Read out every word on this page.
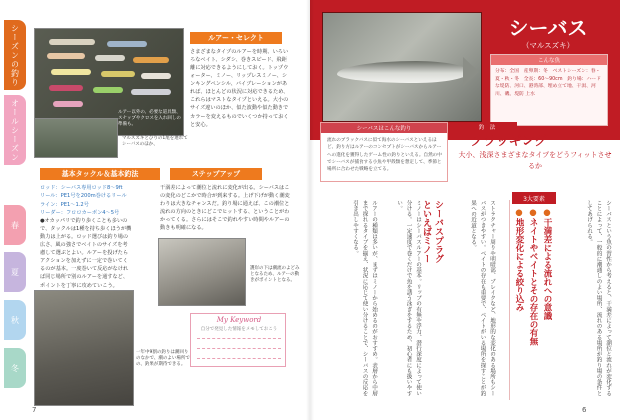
シーズンの釣り
オールシーズン
春
夏
秋
冬
ルアー以外の、必要な道具類、スナップやクロスを入れ回しの準備も。
マルスズキとひりの1尾を連れてシーバスのほか、
ルアー・セレクト
さまざまなタイプのルアーを時期、いろいろなベイト、シダシ、巻きスピード、飛距離に対応できるようにしておく。トップウォーター、ミノー、リップレスミノー、シンキングペンシル、バイブレーションがあれば、ほとんどの状況に対応できるため、これらはマストなタイプといえる。大小のサイズ違いのほか、似た波動や似た動きでカラーを変えるものでいくつか持っておくと安心。
基本タックル＆基本釣法
ロッド：シーバス専用ロッド8～9ft
リール：PE1号を200m巻けるリール
ライン：PE1～1.2号
リーダー：フロロカーボン4～5号
●オカッパリで釣り歩くことも多いので、タックルは1種を持ち歩くほうが機動力は上がる。ロッド選びは釣り場の広さ、風の強さでベイトのサイズを考慮して選ぶとよい。ルアーを投げたらアクションを加えずに一定で巻いてくるのが基本。一度巻いて反応がなければ同じ場所で別のルアーを通すなど、ポイントを丁寧に攻めていこう。
ステップアップ
干満差によって潮位と流れに変化が出る。シーバスはこの変化のどこかで時合が到来する。上げ下げが動く潮変わりは大きなチャンスだ。釣り場に通えば、この潮位と流れの方向のときにどこでヒットする、ということがわかってくる。さらにはそこで釣れやすい時間やルアーの動きも明確になる。
護岸の下は潮流のよどみとなるため、ルアーの動きがポイントとなる。
一年中9割の釣りは潮回りのなかで、潮のよい場所での、釣果が期待できる。
My Keyword
自分で発見した情報をメモしておこう
7
シーバス
（マルスズキ）
こんな魚
分布：全国　産卵期：冬　ベストシーズン：春・夏・秋・冬　全長：60～90cm　釣り場：ハードな堤防、河口、港湾部、埋め立て地、干潟、河川、磯、堤防 上水
シーバスはこんな釣り
流れのブラックバスに似て海水のシーバスといえるほど、釣り方はルアーのコンセプトがシーバスからルアーへの進化を獲得したゲーム性の釣りといえる。自然の中でシーバスが捕食する小魚や甲殻類を想定して、季節と場所に合わせた戦略を立てる。
釣　法
プラッギング
大小、浅深さまざまなタイプをどうフィットさせるか
シーバスという魚の習性から考えると、干満差によって潮位と流れが変化することによって、一般的に潮通しのよい場所、流れのある場所が釣り場の条件としてあげられる。
3大要素
●干満差による流れへの意識
●ネイトやベイトとその存在の有無
●地形変化による絞り込み
ストラクチャー周りや明暗部、ブレイクなど、地形的な変化のある場所もシーバスがつきやすい。ベイトの存在も重要で、ベイトがいる場所を探すことが釣果への近道となる。
シーバスプラグ
といえばミノー
ミノーはシーバスルアーの基本。リップの有無や浮力、潜行深度によって使い分ける。一定速度で巻くだけで魚を誘う泳ぎをするため、初心者にも扱いやすい。
ルアーの種類は多いが、まずはミノーから始めるのがおすすめ。表層から中層まで探れるタイプを揃え、状況に応じて使い分けることで、シーバスの反応を引き出しやすくなる。
6
